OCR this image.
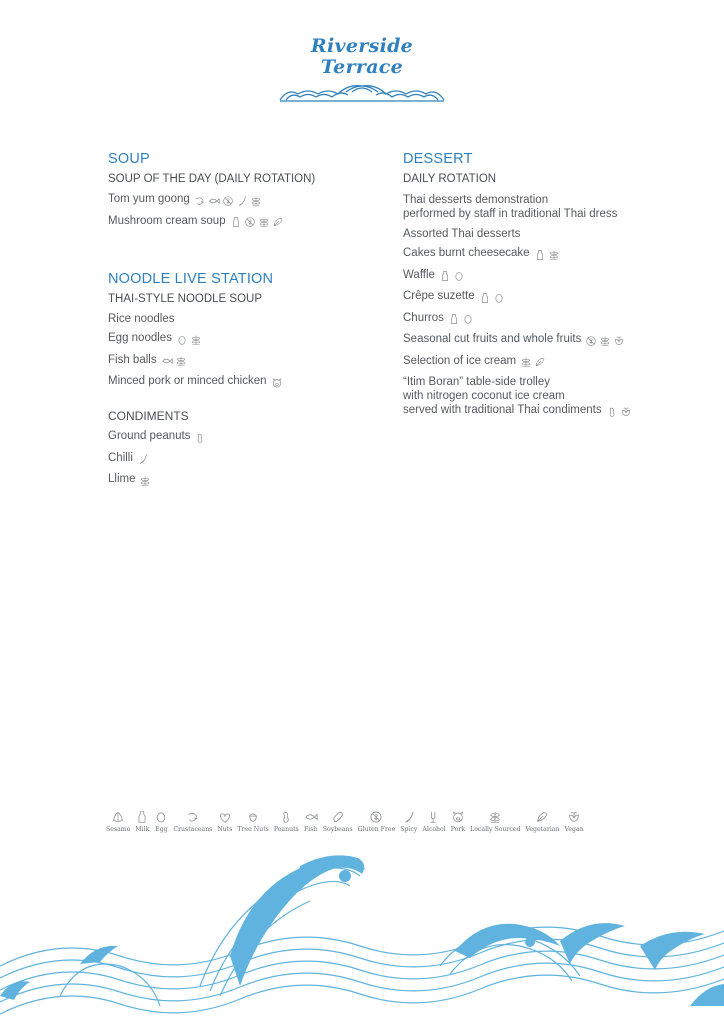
Riverside
Terrace
SOUP
SOUP OF THE DAY (DAILY ROTATION)
Tom yum goong
Mushroom cream soup
NOODLE LIVE STATION
THAI-STYLE NOODLE SOUP
Rice noodles
Egg noodles
Fish balls
Minced pork or minced chicken
CONDIMENTS
Ground peanuts
Chilli
Llime
DESSERT
DAILY ROTATION
Thai desserts demonstration
performed by staff in traditional Thai dress
Assorted Thai desserts
Cakes burnt cheesecake
Waffle
Crêpe suzette
Churros
Seasonal cut fruits and whole fruits
Selection of ice cream
“Itim Boran” table-side trolley
with nitrogen coconut ice cream
served with traditional Thai condiments
Sesame Milk Egg Crustaceans Nuts Tree Nuts Peanuts Fish Soybeans Gluten Free Spicy Alcohol Pork Locally Sourced Vegetarian Vegan
